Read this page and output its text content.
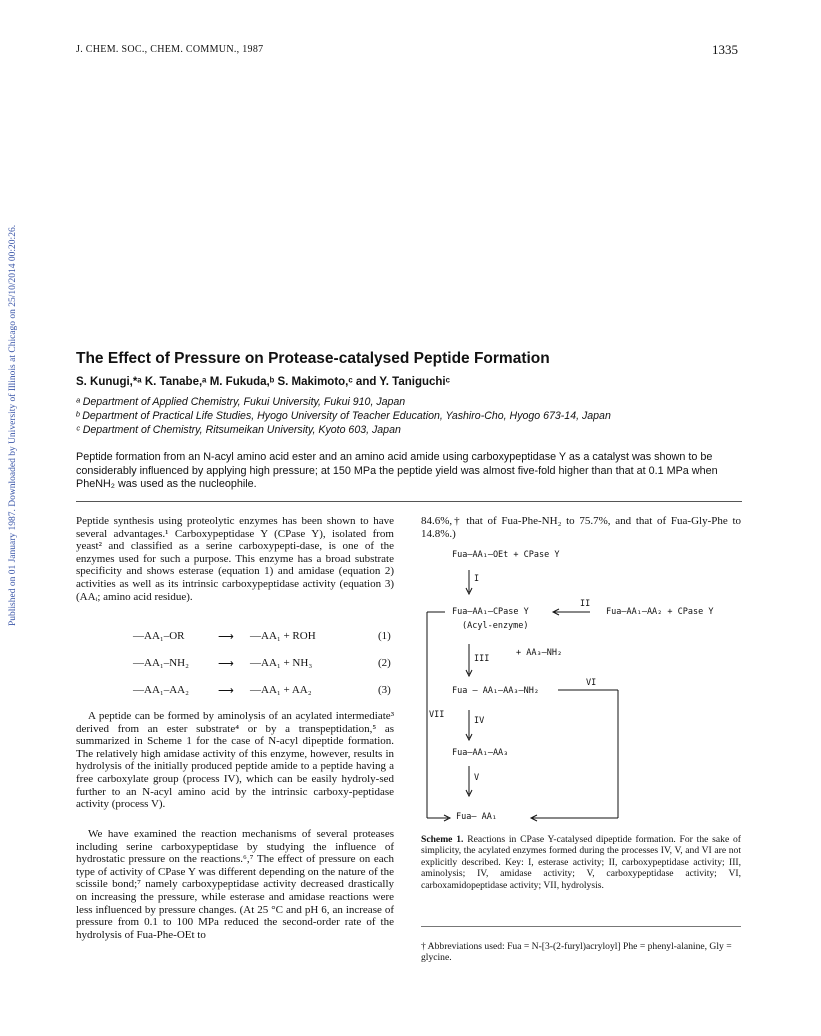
J. CHEM. SOC., CHEM. COMMUN., 1987	1335
Published on 01 January 1987. Downloaded by University of Illinois at Chicago on 25/10/2014 00:20:26.	The Effect of Pressure on Protease-catalysed Peptide Formation
S. Kunugi,*ᵃ K. Tanabe,ᵃ M. Fukuda,ᵇ S. Makimoto,ᶜ and Y. Taniguchiᶜ
ᵃ Department of Applied Chemistry, Fukui University, Fukui 910, Japan
ᵇ Department of Practical Life Studies, Hyogo University of Teacher Education, Yashiro-Cho, Hyogo 673-14, Japan
ᶜ Department of Chemistry, Ritsumeikan University, Kyoto 603, Japan
Peptide formation from an N-acyl amino acid ester and an amino acid amide using carboxypeptidase Y as a catalyst was shown to be considerably influenced by applying high pressure; at 150 MPa the peptide yield was almost five-fold higher than that at 0.1 MPa when PheNH₂ was used as the nucleophile.
Peptide synthesis using proteolytic enzymes has been shown to have several advantages.¹ Carboxypeptidase Y (CPase Y), isolated from yeast² and classified as a serine carboxypepti-dase, is one of the enzymes used for such a purpose. This enzyme has a broad substrate specificity and shows esterase (equation 1) and amidase (equation 2) activities as well as its intrinsic carboxypeptidase activity (equation 3) (AAᵢ; amino acid residue).
—AA₁–OR	⟶ —AA₁ + ROH	(1)
—AA₁–NH₂	⟶ —AA₁ + NH₃	(2)
—AA₁–AA₂	⟶ —AA₁ + AA₂	(3)
A peptide can be formed by aminolysis of an acylated intermediate³ derived from an ester substrate⁴ or by a transpeptidation,⁵ as summarized in Scheme 1 for the case of N-acyl dipeptide formation. The relatively high amidase activity of this enzyme, however, results in hydrolysis of the initially produced peptide amide to a peptide having a free carboxylate group (process IV), which can be easily hydroly-sed further to an N-acyl amino acid by the intrinsic carboxy-peptidase activity (process V).
We have examined the reaction mechanisms of several proteases including serine carboxypeptidase by studying the influence of hydrostatic pressure on the reactions.⁶,⁷ The effect of pressure on each type of activity of CPase Y was different depending on the nature of the scissile bond;⁷ namely carboxypeptidase activity decreased drastically on increasing the pressure, while esterase and amidase reactions were less influenced by pressure changes. (At 25 °C and pH 6, an increase of pressure from 0.1 to 100 MPa reduced the second-order rate of the hydrolysis of Fua-Phe-OEt to
84.6%,† that of Fua-Phe-NH₂ to 75.7%, and that of Fua-Gly-Phe to 14.8%.)
Fua–AA₁–OEt + CPase Y
I
Fua–AA₁–CPase Y
(Acyl-enzyme)
II
Fua–AA₁–AA₂ + CPase Y
III
+ AA₃–NH₂
Fua – AA₁–AA₃–NH₂
VI
VII
IV
Fua–AA₁–AA₃
V
Fua– AA₁
Scheme 1. Reactions in CPase Y-catalysed dipeptide formation. For the sake of simplicity, the acylated enzymes formed during the processes IV, V, and VI are not explicitly described. Key: I, esterase activity; II, carboxypeptidase activity; III, aminolysis; IV, amidase activity; V, carboxypeptidase activity; VI, carboxamidopeptidase activity; VII, hydrolysis.
† Abbreviations used: Fua = N-[3-(2-furyl)acryloyl] Phe = phenyl-alanine, Gly = glycine.
